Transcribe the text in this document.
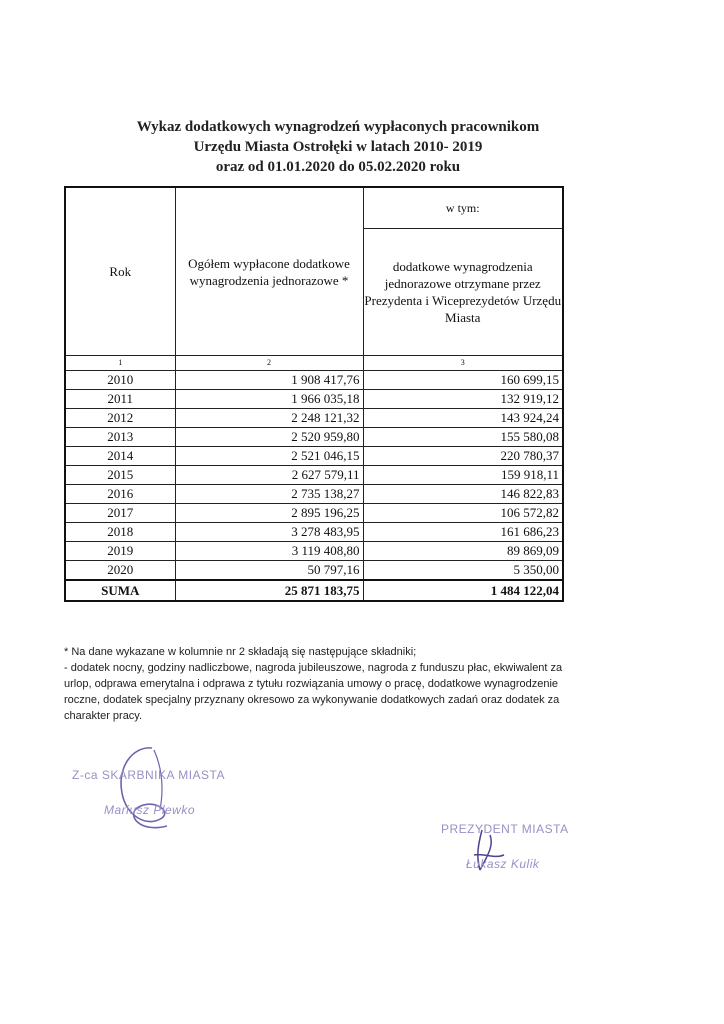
Wykaz dodatkowych wynagrodzeń wypłaconych pracownikom
Urzędu Miasta Ostrołęki w latach 2010- 2019
oraz od 01.01.2020 do 05.02.2020 roku
Rok	Ogółem wypłacone dodatkowe wynagrodzenia jednorazowe *	w tym:
		dodatkowe wynagrodzenia jednorazowe otrzymane przez Prezydenta i Wiceprezydetów Urzędu Miasta
1	2	3
2010	1 908 417,76	160 699,15
2011	1 966 035,18	132 919,12
2012	2 248 121,32	143 924,24
2013	2 520 959,80	155 580,08
2014	2 521 046,15	220 780,37
2015	2 627 579,11	159 918,11
2016	2 735 138,27	146 822,83
2017	2 895 196,25	106 572,82
2018	3 278 483,95	161 686,23
2019	3 119 408,80	89 869,09
2020	50 797,16	5 350,00
SUMA	25 871 183,75	1 484 122,04

* Na dane wykazane w kolumnie nr 2 składają się następujące składniki;

- dodatek nocny, godziny nadliczbowe, nagroda jubileuszowe, nagroda z funduszu płac, ekwiwalent za urlop, odprawa emerytalna i odprawa z tytułu rozwiązania umowy o pracę, dodatkowe wynagrodzenie roczne, dodatek specjalny przyznany okresowo za wykonywanie dodatkowych zadań oraz dodatek za charakter pracy.

Z-ca SKARBNIKA MIASTA
Mariusz Plewko
PREZYDENT MIASTA
Łukasz Kulik
